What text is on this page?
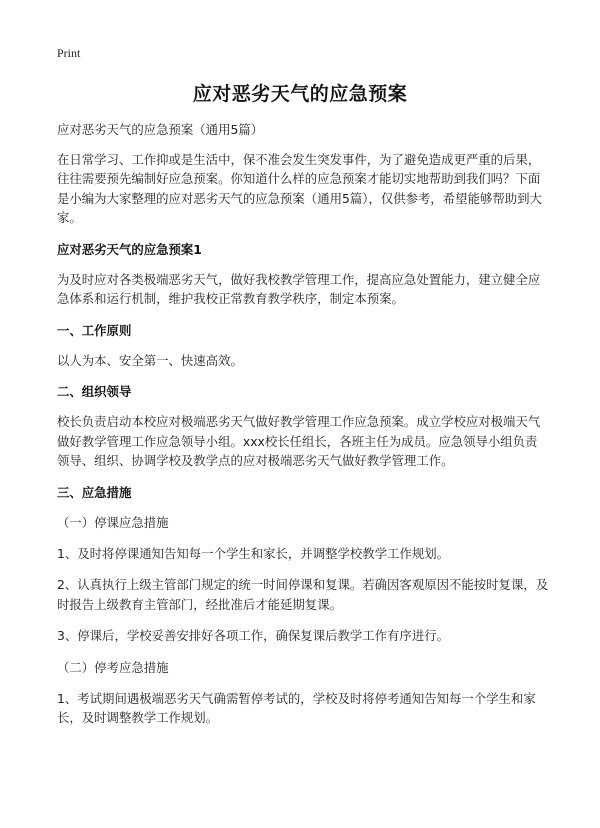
Print
应对恶劣天气的应急预案

应对恶劣天气的应急预案（通用5篇）

在日常学习、工作抑或是生活中，保不准会发生突发事件，为了避免造成更严重的后果，往往需要预先编制好应急预案。你知道什么样的应急预案才能切实地帮助到我们吗？下面是小编为大家整理的应对恶劣天气的应急预案（通用5篇），仅供参考，希望能够帮助到大家。

应对恶劣天气的应急预案1

为及时应对各类极端恶劣天气，做好我校教学管理工作，提高应急处置能力，建立健全应急体系和运行机制，维护我校正常教育教学秩序，制定本预案。

一、工作原则

以人为本、安全第一、快速高效。

二、组织领导

校长负责启动本校应对极端恶劣天气做好教学管理工作应急预案。成立学校应对极端天气做好教学管理工作应急领导小组。xxx校长任组长，各班主任为成员。应急领导小组负责领导、组织、协调学校及教学点的应对极端恶劣天气做好教学管理工作。

三、应急措施
（一）停课应急措施

1、及时将停课通知告知每一个学生和家长，并调整学校教学工作规划。

2、认真执行上级主管部门规定的统一时间停课和复课。若确因客观原因不能按时复课，及时报告上级教育主管部门，经批准后才能延期复课。

3、停课后，学校妥善安排好各项工作，确保复课后教学工作有序进行。

（二）停考应急措施

1、考试期间遇极端恶劣天气确需暂停考试的，学校及时将停考通知告知每一个学生和家长，及时调整教学工作规划。
